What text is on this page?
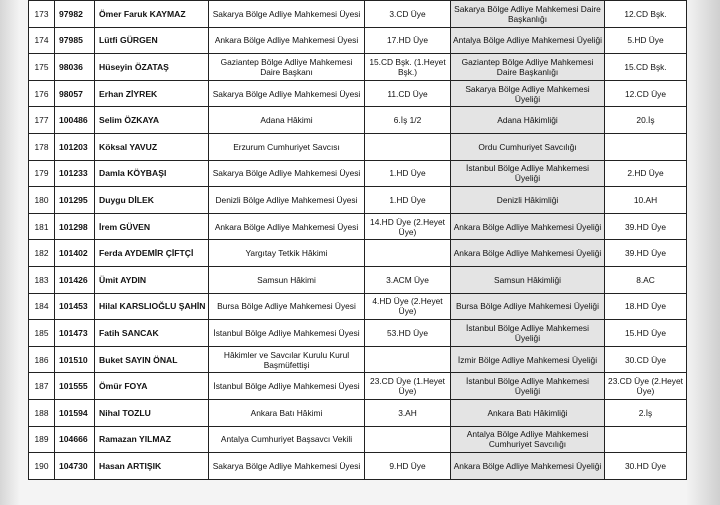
173	97982	Ömer Faruk KAYMAZ	Sakarya Bölge Adliye Mahkemesi Üyesi	3.CD Üye	Sakarya Bölge Adliye Mahkemesi Daire Başkanlığı	12.CD Bşk.
174	97985	Lütfi GÜRGEN	Ankara Bölge Adliye Mahkemesi Üyesi	17.HD Üye	Antalya Bölge Adliye Mahkemesi Üyeliği	5.HD Üye
175	98036	Hüseyin ÖZATAŞ	Gaziantep Bölge Adliye Mahkemesi Daire Başkanı	15.CD Bşk. (1.Heyet Bşk.)	Gaziantep Bölge Adliye Mahkemesi Daire Başkanlığı	15.CD Bşk.
176	98057	Erhan ZİYREK	Sakarya Bölge Adliye Mahkemesi Üyesi	11.CD Üye	Sakarya Bölge Adliye Mahkemesi Üyeliği	12.CD Üye
177	100486	Selim ÖZKAYA	Adana Hâkimi	6.İş 1/2	Adana Hâkimliği	20.İş
178	101203	Köksal YAVUZ	Erzurum Cumhuriyet Savcısı		Ordu Cumhuriyet Savcılığı	
179	101233	Damla KÖYBAŞI	Sakarya Bölge Adliye Mahkemesi Üyesi	1.HD Üye	İstanbul Bölge Adliye Mahkemesi Üyeliği	2.HD Üye
180	101295	Duygu DİLEK	Denizli Bölge Adliye Mahkemesi Üyesi	1.HD Üye	Denizli Hâkimliği	10.AH
181	101298	İrem GÜVEN	Ankara Bölge Adliye Mahkemesi Üyesi	14.HD Üye (2.Heyet Üye)	Ankara Bölge Adliye Mahkemesi Üyeliği	39.HD Üye
182	101402	Ferda AYDEMİR ÇİFTÇİ	Yargıtay Tetkik Hâkimi		Ankara Bölge Adliye Mahkemesi Üyeliği	39.HD Üye
183	101426	Ümit AYDIN	Samsun Hâkimi	3.ACM Üye	Samsun Hâkimliği	8.AC
184	101453	Hilal KARSLIOĞLU ŞAHİN	Bursa Bölge Adliye Mahkemesi Üyesi	4.HD Üye (2.Heyet Üye)	Bursa Bölge Adliye Mahkemesi Üyeliği	18.HD Üye
185	101473	Fatih SANCAK	İstanbul Bölge Adliye Mahkemesi Üyesi	53.HD Üye	İstanbul Bölge Adliye Mahkemesi Üyeliği	15.HD Üye
186	101510	Buket SAYIN ÖNAL	Hâkimler ve Savcılar Kurulu Kurul Başmüfettişi		İzmir Bölge Adliye Mahkemesi Üyeliği	30.CD Üye
187	101555	Ömür FOYA	İstanbul Bölge Adliye Mahkemesi Üyesi	23.CD Üye (1.Heyet Üye)	İstanbul Bölge Adliye Mahkemesi Üyeliği	23.CD Üye (2.Heyet Üye)
188	101594	Nihal TOZLU	Ankara Batı Hâkimi	3.AH	Ankara Batı Hâkimliği	2.İş
189	104666	Ramazan YILMAZ	Antalya Cumhuriyet Başsavcı Vekili		Antalya Bölge Adliye Mahkemesi Cumhuriyet Savcılığı	
190	104730	Hasan ARTIŞIK	Sakarya Bölge Adliye Mahkemesi Üyesi	9.HD Üye	Ankara Bölge Adliye Mahkemesi Üyeliği	30.HD Üye
